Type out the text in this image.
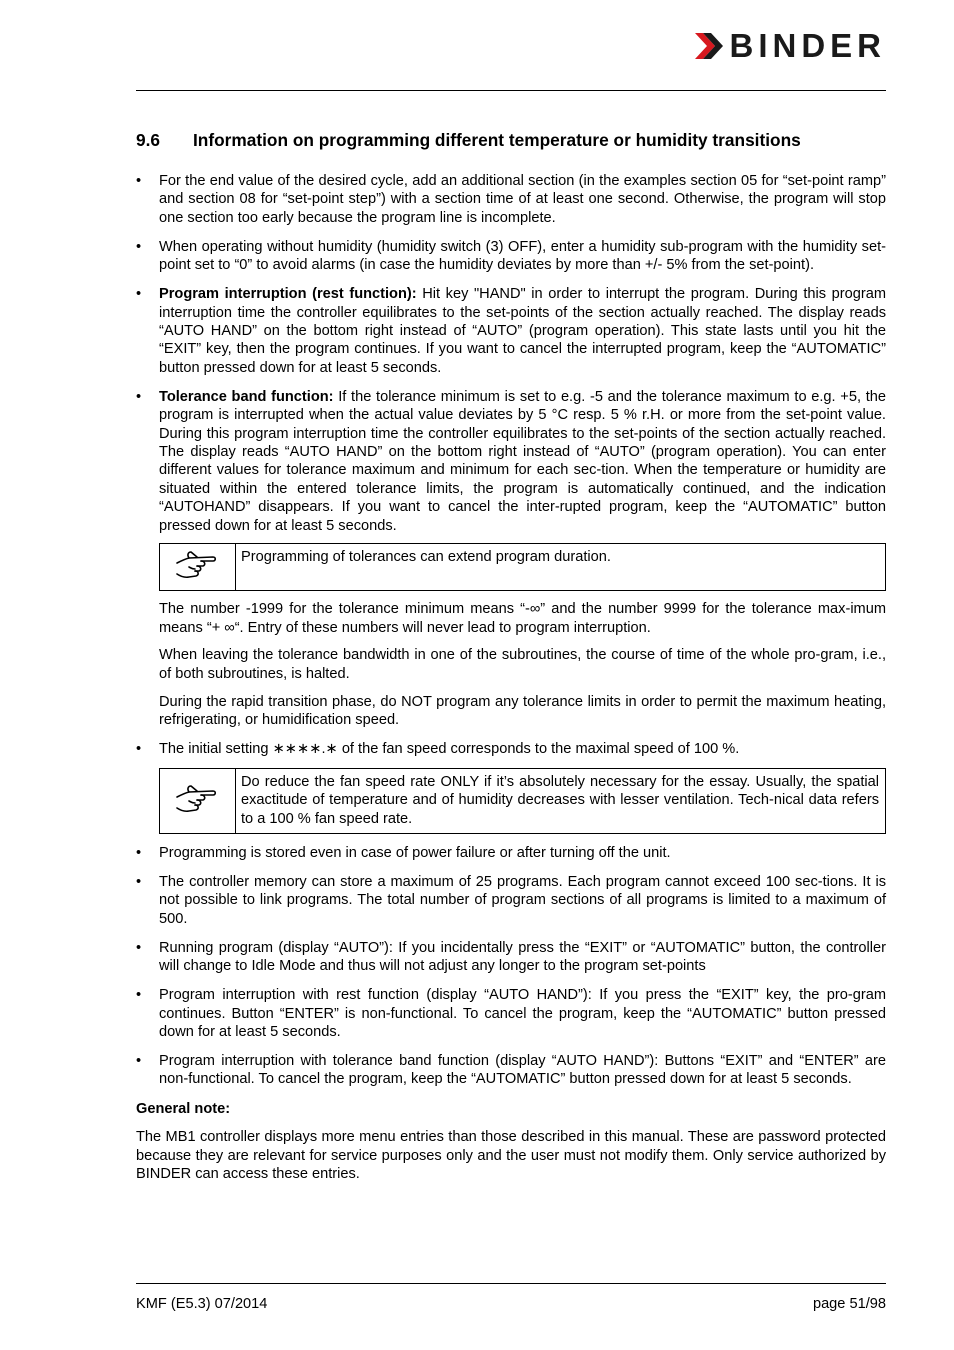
BINDER
9.6	Information on programming different temperature or humidity transitions
• For the end value of the desired cycle, add an additional section (in the examples section 05 for “set-point ramp” and section 08 for “set-point step”) with a section time of at least one second. Otherwise, the program will stop one section too early because the program line is incomplete.
• When operating without humidity (humidity switch (3) OFF), enter a humidity sub-program with the humidity set-point set to “0” to avoid alarms (in case the humidity deviates by more than +/- 5% from the set-point).
• Program interruption (rest function): Hit key "HAND" in order to interrupt the program. During this program interruption time the controller equilibrates to the set-points of the section actually reached. The display reads “AUTO HAND” on the bottom right instead of “AUTO” (program operation). This state lasts until you hit the “EXIT” key, then the program continues. If you want to cancel the interrupted program, keep the “AUTOMATIC” button pressed down for at least 5 seconds.
• Tolerance band function: If the tolerance minimum is set to e.g. -5 and the tolerance maximum to e.g. +5, the program is interrupted when the actual value deviates by 5 °C resp. 5 % r.H. or more from the set-point value. During this program interruption time the controller equilibrates to the set-points of the section actually reached. The display reads “AUTO HAND” on the bottom right instead of “AUTO” (program operation). You can enter different values for tolerance maximum and minimum for each sec-tion. When the temperature or humidity are situated within the entered tolerance limits, the program is automatically continued, and the indication “AUTOHAND” disappears. If you want to cancel the inter-rupted program, keep the “AUTOMATIC” button pressed down for at least 5 seconds.
Programming of tolerances can extend program duration.
The number -1999 for the tolerance minimum means “-∞” and the number 9999 for the tolerance max-imum means “+ ∞“. Entry of these numbers will never lead to program interruption.
When leaving the tolerance bandwidth in one of the subroutines, the course of time of the whole pro-gram, i.e., of both subroutines, is halted.
During the rapid transition phase, do NOT program any tolerance limits in order to permit the maximum heating, refrigerating, or humidification speed.
• The initial setting ∗∗∗∗.∗ of the fan speed corresponds to the maximal speed of 100 %.
Do reduce the fan speed rate ONLY if it’s absolutely necessary for the essay. Usually, the spatial exactitude of temperature and of humidity decreases with lesser ventilation. Tech-nical data refers to a 100 % fan speed rate.
• Programming is stored even in case of power failure or after turning off the unit.
• The controller memory can store a maximum of 25 programs. Each program cannot exceed 100 sec-tions. It is not possible to link programs. The total number of program sections of all programs is limited to a maximum of 500.
• Running program (display “AUTO”): If you incidentally press the “EXIT” or “AUTOMATIC” button, the controller will change to Idle Mode and thus will not adjust any longer to the program set-points
• Program interruption with rest function (display “AUTO HAND”): If you press the “EXIT” key, the pro-gram continues. Button “ENTER” is non-functional. To cancel the program, keep the “AUTOMATIC” button pressed down for at least 5 seconds.
• Program interruption with tolerance band function (display “AUTO HAND”): Buttons “EXIT” and “ENTER” are non-functional. To cancel the program, keep the “AUTOMATIC” button pressed down for at least 5 seconds.
General note:
The MB1 controller displays more menu entries than those described in this manual. These are password protected because they are relevant for service purposes only and the user must not modify them. Only service authorized by BINDER can access these entries.
KMF (E5.3) 07/2014	page 51/98
